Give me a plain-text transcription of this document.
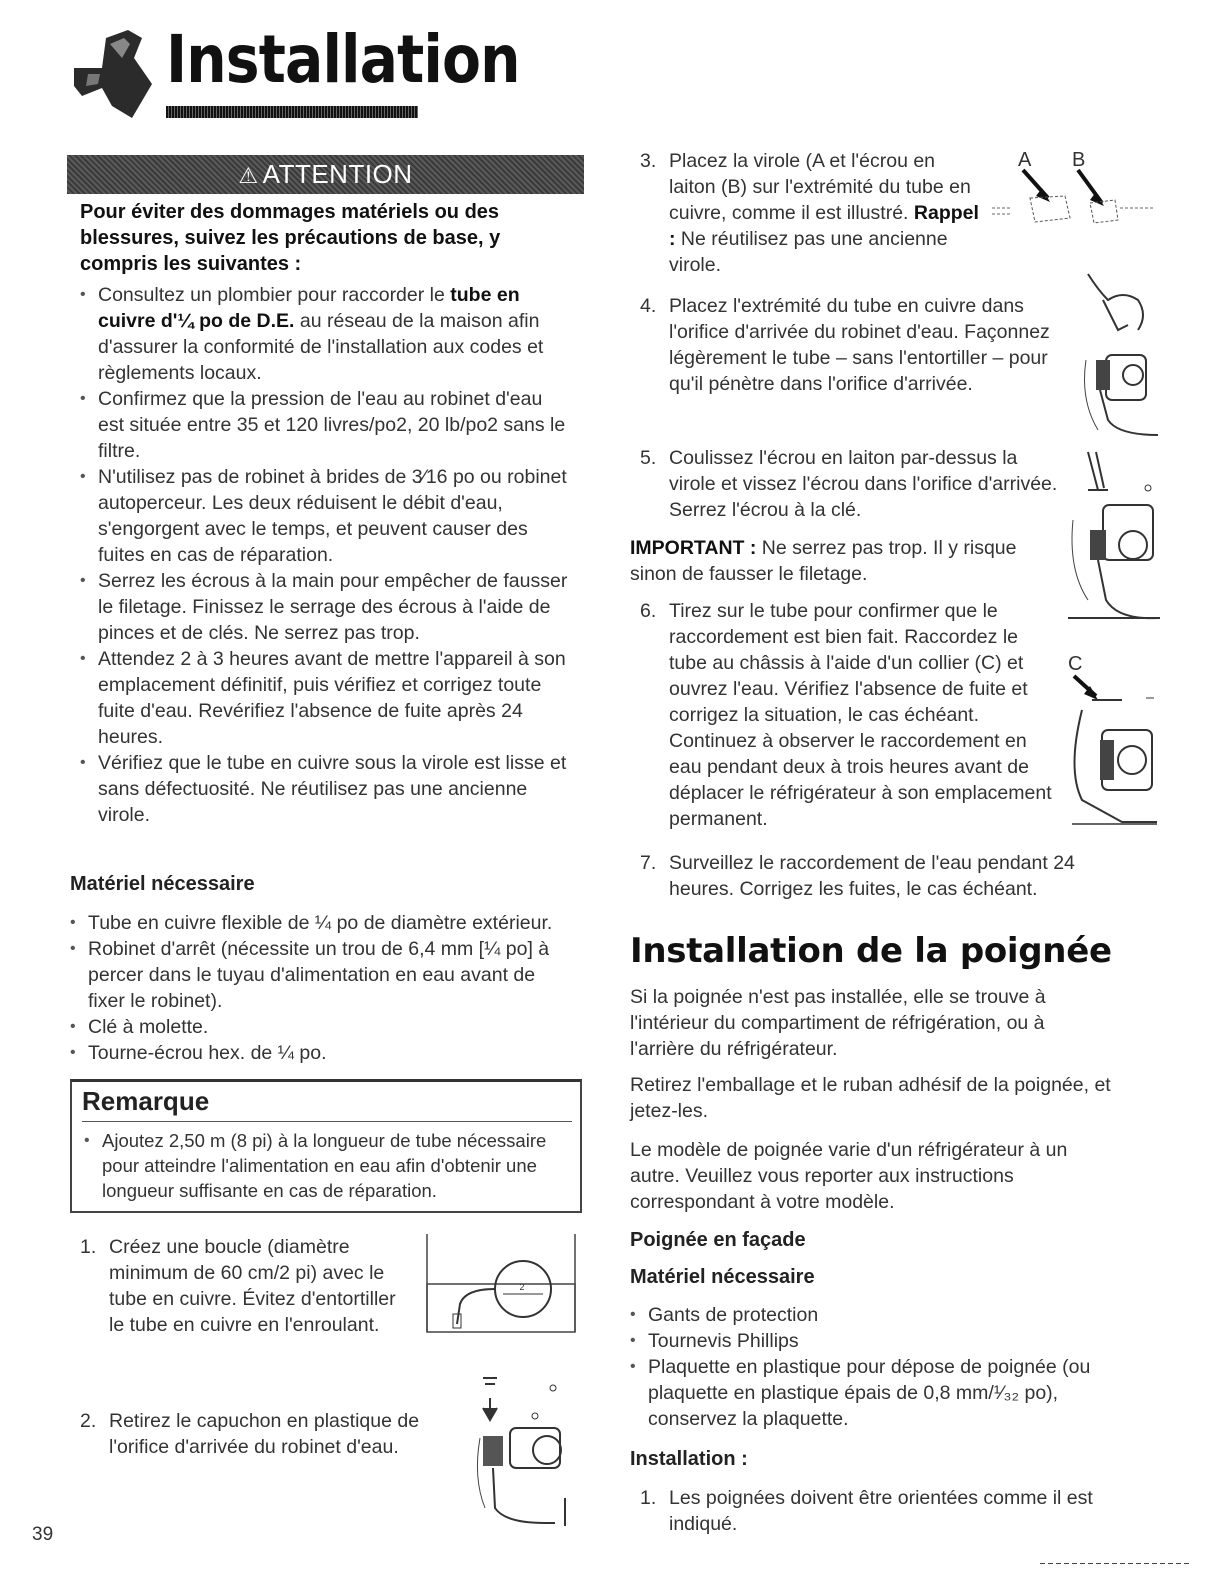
Installation
⚠ ATTENTION
Pour éviter des dommages matériels ou des blessures, suivez les précautions de base, y compris les suivantes :
• Consultez un plombier pour raccorder le tube en cuivre d'¼ po de D.E. au réseau de la maison afin d'assurer la conformité de l'installation aux codes et règlements locaux.
• Confirmez que la pression de l'eau au robinet d'eau est située entre 35 et 120 livres/po2, 20 lb/po2 sans le filtre.
• N'utilisez pas de robinet à brides de 3⁄16 po ou robinet autoperceur. Les deux réduisent le débit d'eau, s'engorgent avec le temps, et peuvent causer des fuites en cas de réparation.
• Serrez les écrous à la main pour empêcher de fausser le filetage. Finissez le serrage des écrous à l'aide de pinces et de clés. Ne serrez pas trop.
• Attendez 2 à 3 heures avant de mettre l'appareil à son emplacement définitif, puis vérifiez et corrigez toute fuite d'eau. Revérifiez l'absence de fuite après 24 heures.
• Vérifiez que le tube en cuivre sous la virole est lisse et sans défectuosité. Ne réutilisez pas une ancienne virole.
Matériel nécessaire
• Tube en cuivre flexible de ¼ po de diamètre extérieur.
• Robinet d'arrêt (nécessite un trou de 6,4 mm [¼ po] à percer dans le tuyau d'alimentation en eau avant de fixer le robinet).
• Clé à molette.
• Tourne-écrou hex. de ¼ po.
Remarque
• Ajoutez 2,50 m (8 pi) à la longueur de tube nécessaire pour atteindre l'alimentation en eau afin d'obtenir une longueur suffisante en cas de réparation.
1. Créez une boucle (diamètre minimum de 60 cm/2 pi) avec le tube en cuivre. Évitez d'entortiller le tube en cuivre en l'enroulant.
2. Retirez le capuchon en plastique de l'orifice d'arrivée du robinet d'eau.
2
3. Placez la virole (A et l'écrou en laiton (B) sur l'extrémité du tube en cuivre, comme il est illustré. Rappel : Ne réutilisez pas une ancienne virole.
A B
4. Placez l'extrémité du tube en cuivre dans l'orifice d'arrivée du robinet d'eau. Façonnez légèrement le tube – sans l'entortiller – pour qu'il pénètre dans l'orifice d'arrivée.
5. Coulissez l'écrou en laiton par-dessus la virole et vissez l'écrou dans l'orifice d'arrivée. Serrez l'écrou à la clé.
IMPORTANT : Ne serrez pas trop. Il y risque sinon de fausser le filetage.
6. Tirez sur le tube pour confirmer que le raccordement est bien fait. Raccordez le tube au châssis à l'aide d'un collier (C) et ouvrez l'eau. Vérifiez l'absence de fuite et corrigez la situation, le cas échéant. Continuez à observer le raccordement en eau pendant deux à trois heures avant de déplacer le réfrigérateur à son emplacement permanent.
C
7. Surveillez le raccordement de l'eau pendant 24 heures. Corrigez les fuites, le cas échéant.
Installation de la poignée
Si la poignée n'est pas installée, elle se trouve à l'intérieur du compartiment de réfrigération, ou à l'arrière du réfrigérateur.
Retirez l'emballage et le ruban adhésif de la poignée, et jetez-les.
Le modèle de poignée varie d'un réfrigérateur à un autre. Veuillez vous reporter aux instructions correspondant à votre modèle.
Poignée en façade
Matériel nécessaire
• Gants de protection
• Tournevis Phillips
• Plaquette en plastique pour dépose de poignée (ou plaquette en plastique épais de 0,8 mm/¹⁄₃₂ po), conservez la plaquette.
Installation :
1. Les poignées doivent être orientées comme il est indiqué.
39
